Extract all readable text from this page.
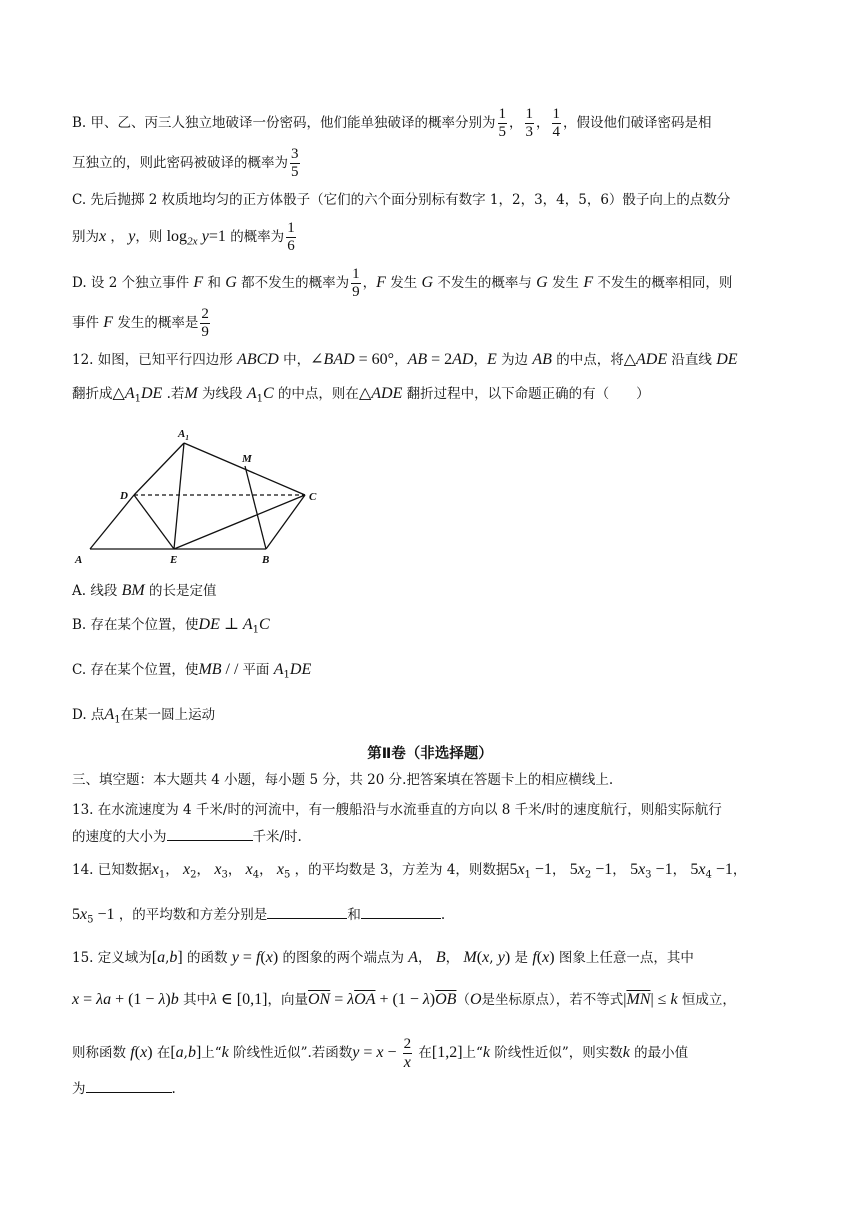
B. 甲、乙、丙三人独立地破译一份密码，他们能单独破译的概率分别为 $\frac{1}{5}$ ， $\frac{1}{3}$ ， $\frac{1}{4}$ ，假设他们破译密码是相
互独立的，则此密码被破译的概率为 $\frac{3}{5}$
C. 先后抛掷 2 枚质地均匀的正方体骰子（它们的六个面分别标有数字 1，2，3，4，5，6）骰子向上的点数分
别为x ， y，则 $\log_{2x} y=1$ 的概率为 $\frac{1}{6}$
D. 设 2 个独立事件 F 和 G 都不发生的概率为 $\frac{1}{9}$ ，F 发生 G 不发生的概率与 G 发生 F 不发生的概率相同，则
事件 F 发生的概率是 $\frac{2}{9}$
12. 如图，已知平行四边形 ABCD 中，∠BAD = 60°，AB = 2AD，E 为边 AB 的中点，将△ADE 沿直线 DE
翻折成$\triangle A_1DE$ .若M 为线段 $A_1C$ 的中点，则在△ADE 翻折过程中，以下命题正确的有（　　）
$A_1$
M
D	C
A	E	B
A. 线段 BM 的长是定值
B. 存在某个位置，使DE ⊥ $A_1C$
C. 存在某个位置，使MB / / 平面 $A_1DE$
D. 点$A_1$在某一圆上运动
第Ⅱ卷（非选择题）
三、填空题：本大题共 4 小题，每小题 5 分，共 20 分.把答案填在答题卡上的相应横线上.
13. 在水流速度为 4 千米/时的河流中，有一艘船沿与水流垂直的方向以 8 千米/时的速度航行，则船实际航行
的速度的大小为	千米/时.
14. 已知数据$x_1$， $x_2$， $x_3$， $x_4$， $x_5$ ，的平均数是 3，方差为 4，则数据$5x_1 -1$， $5x_2 -1$， $5x_3 -1$， $5x_4 -1$，
$5x_5 -1$ ，的平均数和方差分别是	和	.
15. 定义域为[a,b] 的函数 y = f(x) 的图象的两个端点为 A， B， M(x, y) 是 f(x) 图象上任意一点，其中
x = λa + (1 − λ)b 其中λ ∈ [0,1]，向量$\overline{ON} = \lambda\overline{OA} + (1 - \lambda)\overline{OB}(O$是坐标原点），若不等式$|\overline{MN}| \le k$ 恒成立，
则称函数 f(x) 在[a,b]上“k 阶线性近似”.若函数$y = x - \frac{2}{x}$ 在[1,2]上“k 阶线性近似”，则实数k 的最小值
为	.
